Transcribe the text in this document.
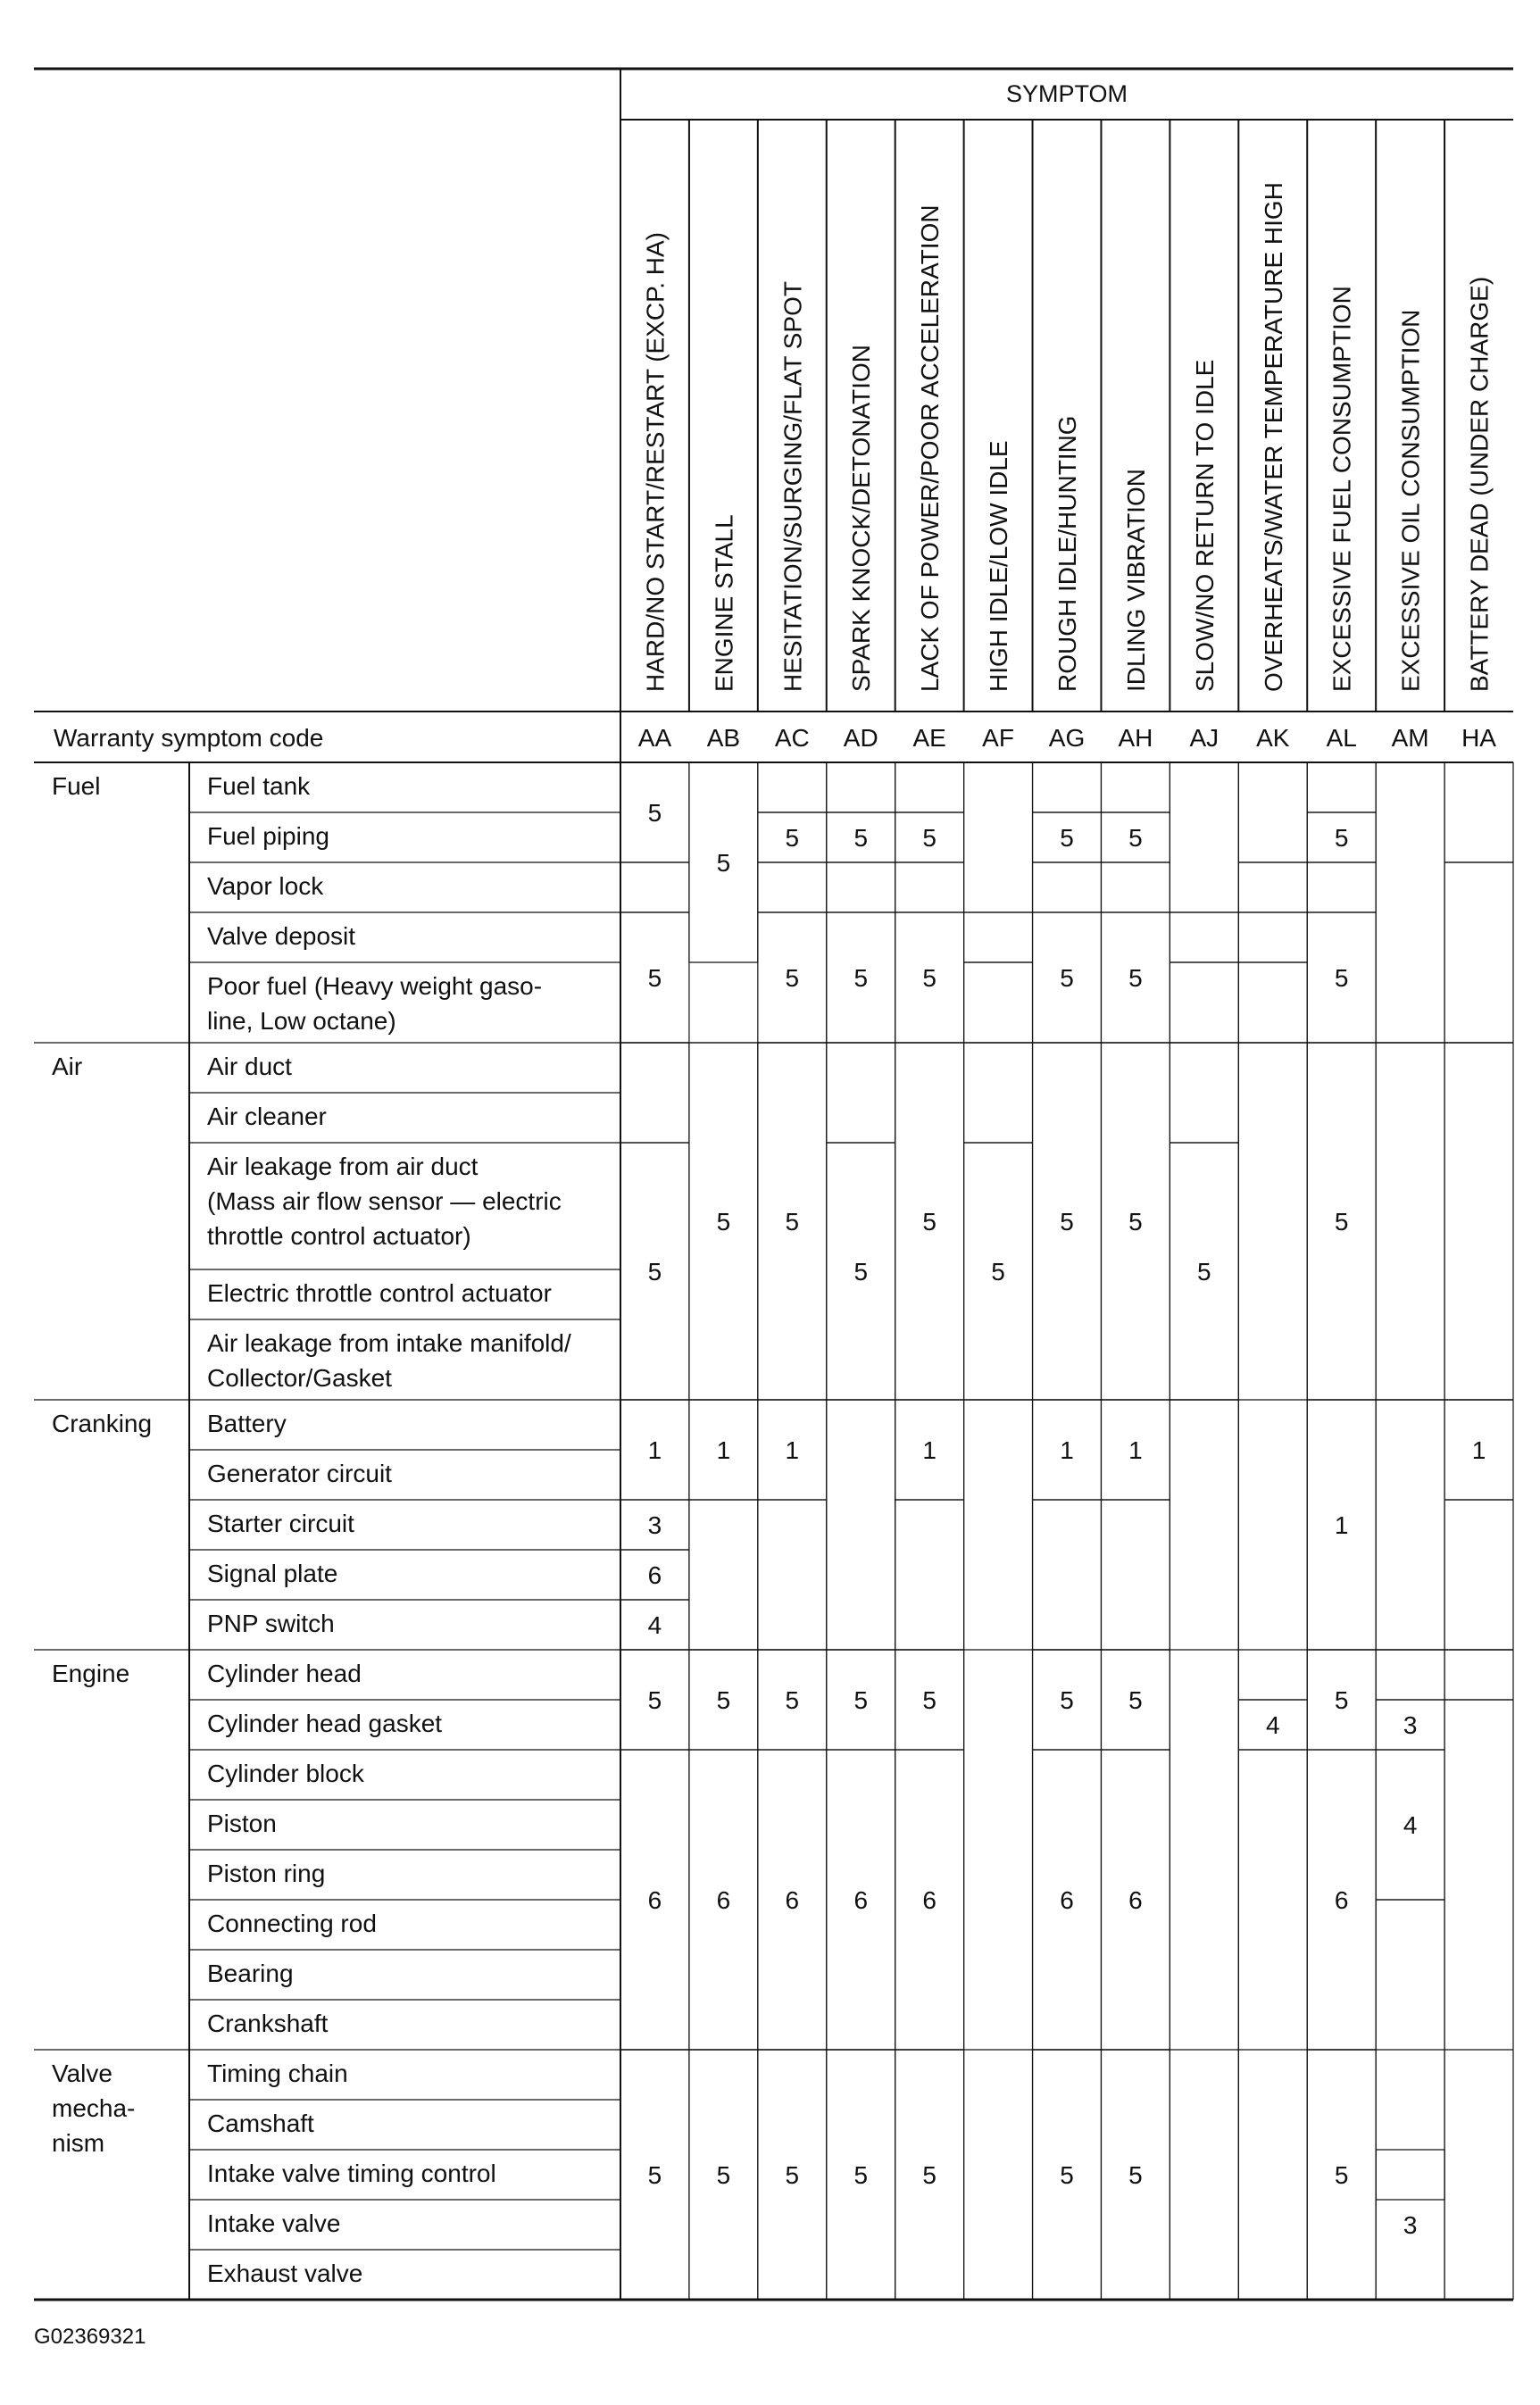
SYMPTOM
Warranty symptom code
HARD/NO START/RESTART (EXCP. HA)
AA
ENGINE STALL
AB
HESITATION/SURGING/FLAT SPOT
AC
SPARK KNOCK/DETONATION
AD
LACK OF POWER/POOR ACCELERATION
AE
HIGH IDLE/LOW IDLE
AF
ROUGH IDLE/HUNTING
AG
IDLING VIBRATION
AH
SLOW/NO RETURN TO IDLE
AJ
OVERHEATS/WATER TEMPERATURE HIGH
AK
EXCESSIVE FUEL CONSUMPTION
AL
EXCESSIVE OIL CONSUMPTION
AM
BATTERY DEAD (UNDER CHARGE)
HA
Fuel
Air
Cranking
Engine
Valve
mecha-
nism
Fuel tank
Fuel piping
Vapor lock
Valve deposit
Poor fuel (Heavy weight gaso-
line, Low octane)
Air duct
Air cleaner
Air leakage from air duct
(Mass air flow sensor — electric
throttle control actuator)
Electric throttle control actuator
Air leakage from intake manifold/
Collector/Gasket
Battery
Generator circuit
Starter circuit
Signal plate
PNP switch
Cylinder head
Cylinder head gasket
Cylinder block
Piston
Piston ring
Connecting rod
Bearing
Crankshaft
Timing chain
Camshaft
Intake valve timing control
Intake valve
Exhaust valve
5
5
5
1
3
6
4
5
6
5
5
5
1
5
6
5
5
5
5
1
5
6
5
5
5
5
5
6
5
5
5
5
1
5
6
5
5
5
5
5
1
5
6
5
5
5
5
1
5
6
5
5
4
5
5
5
1
5
6
5
3
4
3
1
G02369321
